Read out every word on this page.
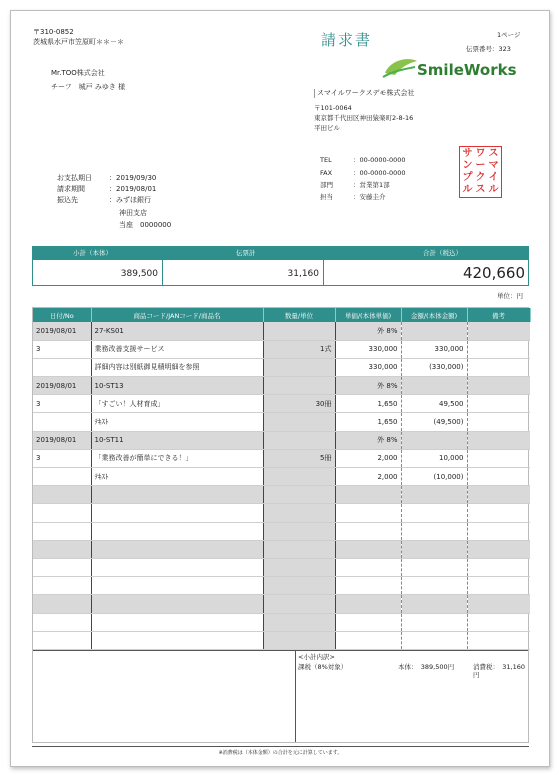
〒310-0852
茨城県水戸市笠原町＊＊－＊
Mr.TOO株式会社
チーフ　城戸 みゆき 様
請求書	1ページ
伝票番号：323
SmileWorks
スマイルワークスデモ株式会社
〒101-0064
東京都千代田区神田猿楽町2-8-16
平田ビル
TEL	：00-0000-0000
FAX	：00-0000-0000
部門	：営業第1部
担当	：安藤圭介
サ ワ ス
ン ー マ
プ ク イ
ル ス ル
お支払期日 ：2019/09/30
請求期間	：2019/08/01
振込先	：みずほ銀行
神田支店
当座　0000000
小計（本体）	伝票計	合計（税込）
389,500	31,160	420,660
単位：円
日付/No	商品コード/JANコード/商品名	数量/単位	単価/(本体単価)	金額/(本体金額)	備考
2019/08/01	27-KS01		外 8%		
3	業務改善支援サービス	1式	330,000	330,000	
	詳細内容は別紙御見積明細を参照		330,000	(330,000)	
2019/08/01	10-ST13		外 8%		
3	「すごい！人材育成」	30冊	1,650	49,500	
	ﾃｷｽﾄ		1,650	(49,500)	
2019/08/01	10-ST11		外 8%		
3	「業務改善が簡単にできる！」	5冊	2,000	10,000	
	ﾃｷｽﾄ		2,000	(10,000)	

<小計内訳>
課税（8%対象）	本体：　389,500円	消費税：　31,160円
※消費税は（本体金額）の合計を元に計算しています。
